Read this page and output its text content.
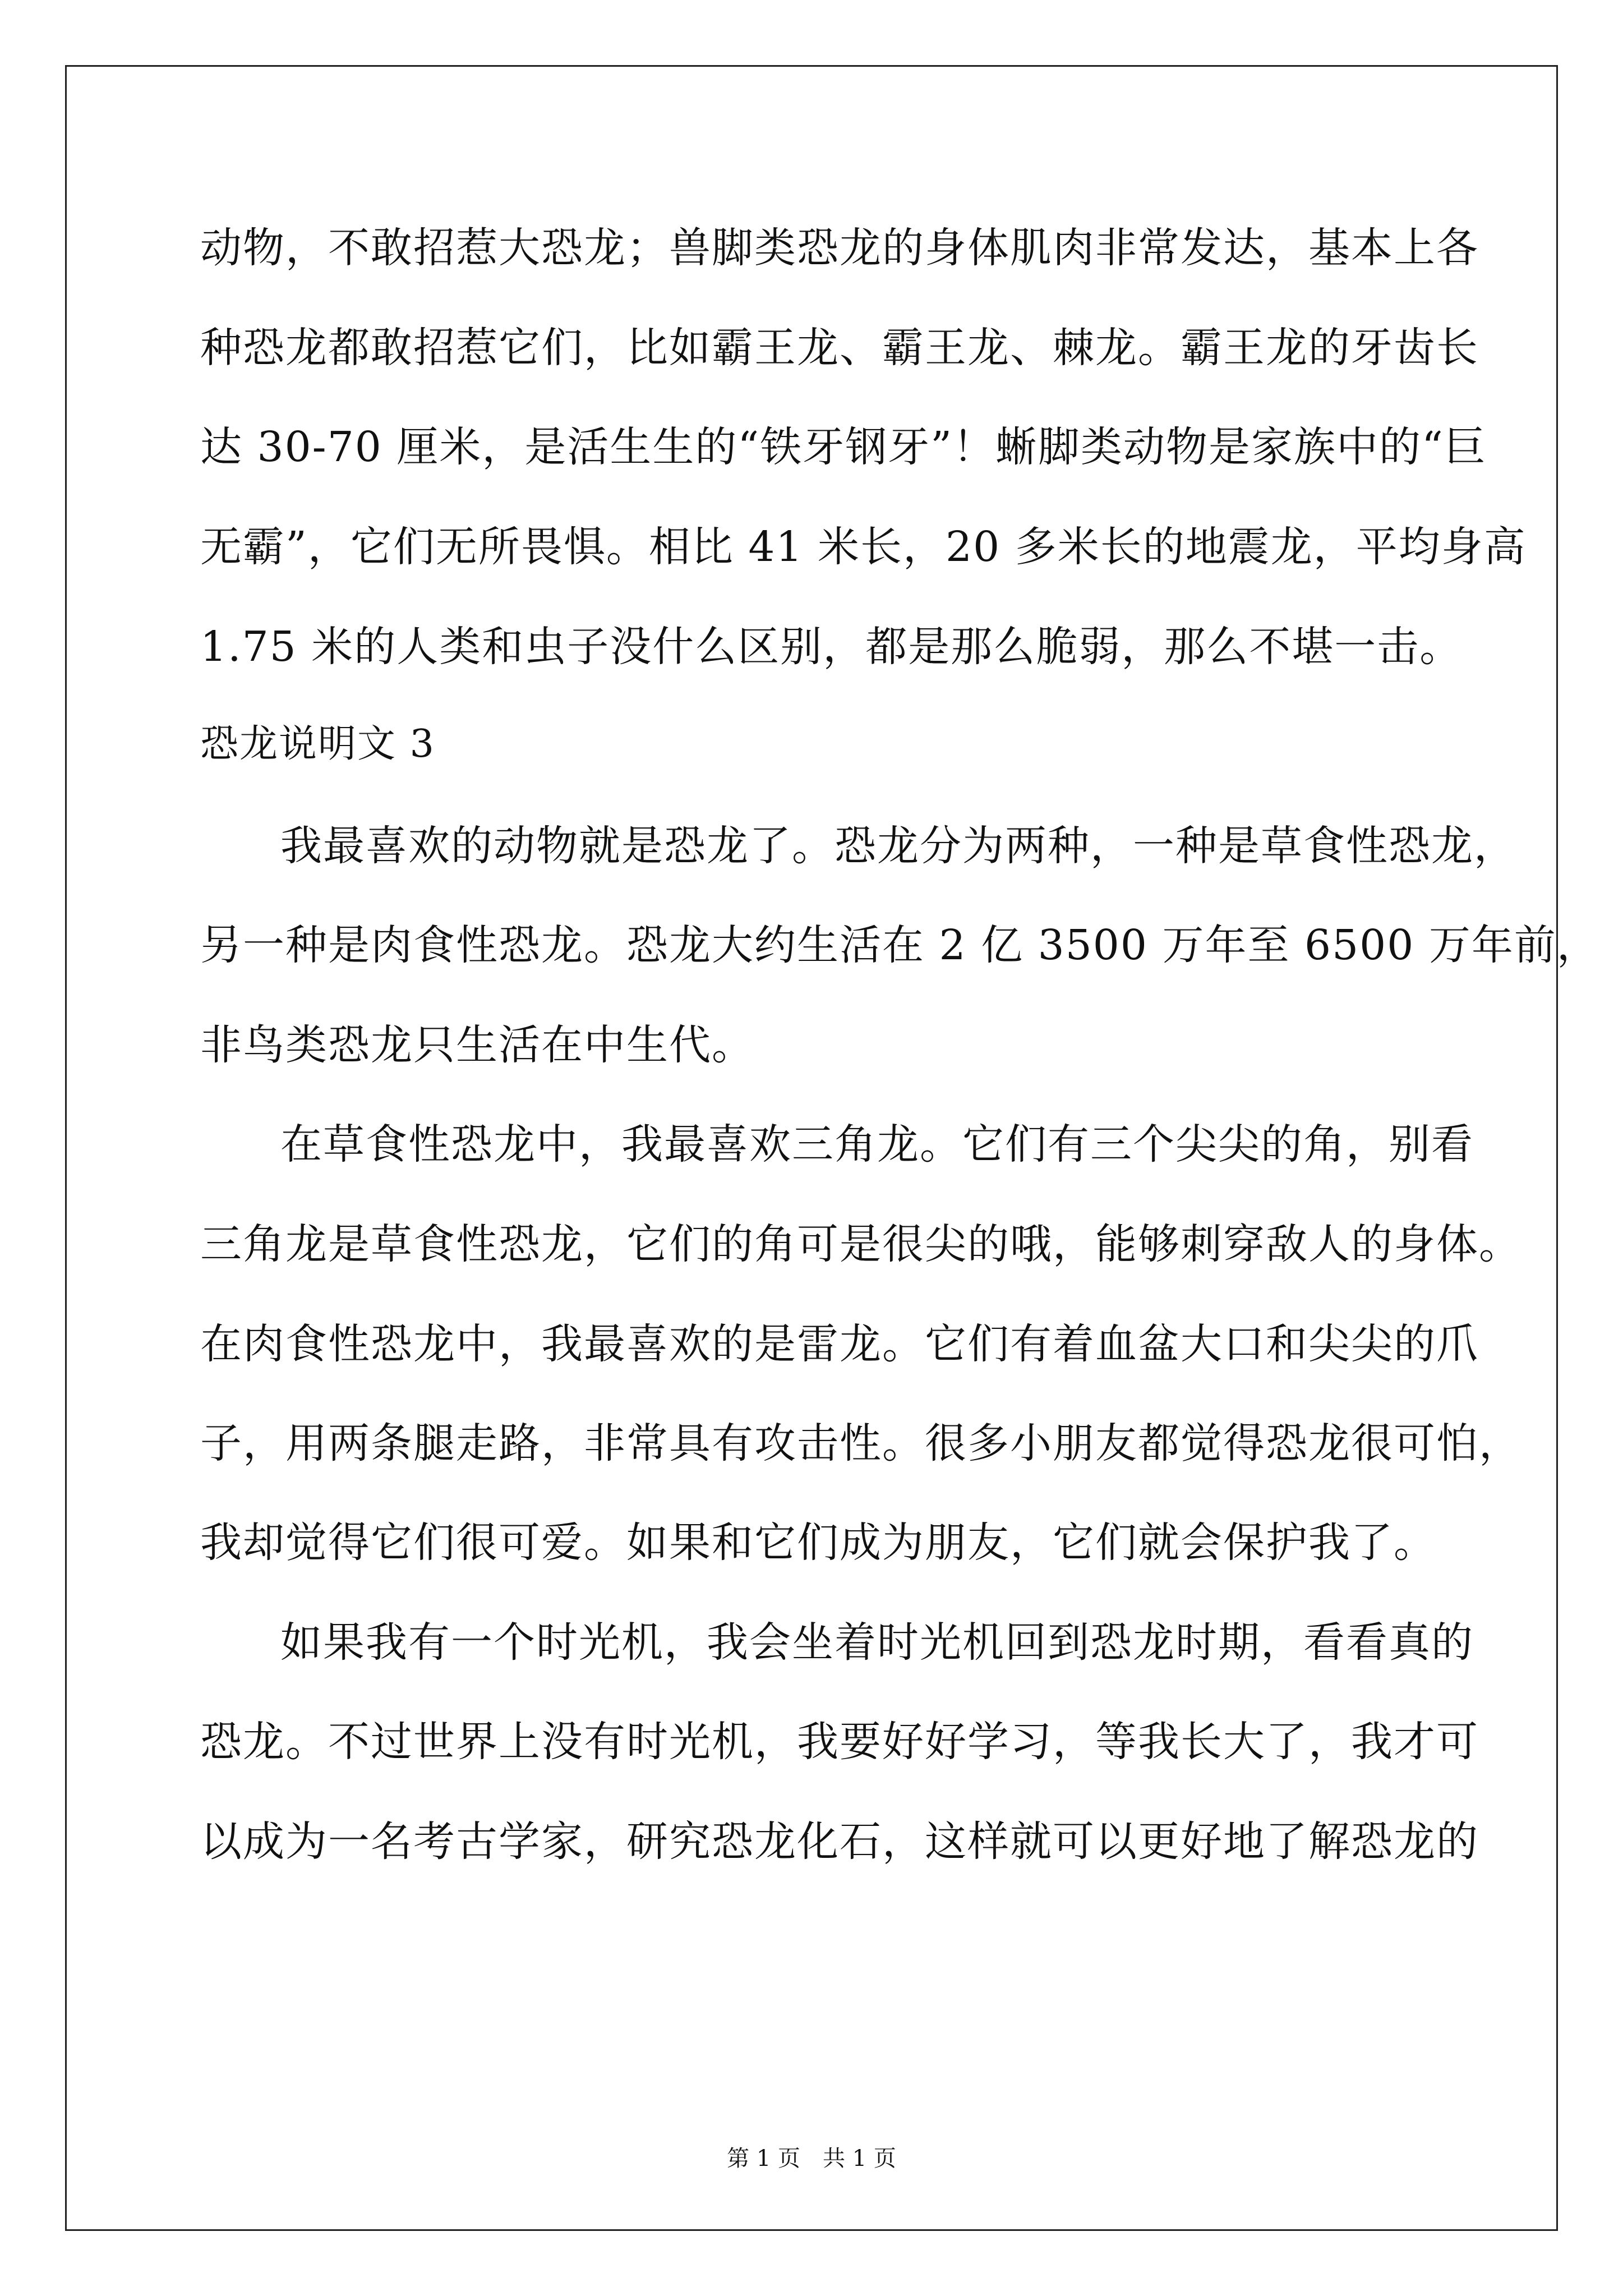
动物，不敢招惹大恐龙；兽脚类恐龙的身体肌肉非常发达，基本上各

种恐龙都敢招惹它们，比如霸王龙、霸王龙、棘龙。霸王龙的牙齿长

达 30-70 厘米，是活生生的“铁牙钢牙”！蜥脚类动物是家族中的“巨

无霸”，它们无所畏惧。相比 41 米长，20 多米长的地震龙，平均身高

1.75 米的人类和虫子没什么区别，都是那么脆弱，那么不堪一击。

恐龙说明文 3

我最喜欢的动物就是恐龙了。恐龙分为两种，一种是草食性恐龙，

另一种是肉食性恐龙。恐龙大约生活在 2 亿 3500 万年至 6500 万年前，

非鸟类恐龙只生活在中生代。

在草食性恐龙中，我最喜欢三角龙。它们有三个尖尖的角，别看

三角龙是草食性恐龙，它们的角可是很尖的哦，能够刺穿敌人的身体。

在肉食性恐龙中，我最喜欢的是雷龙。它们有着血盆大口和尖尖的爪

子，用两条腿走路，非常具有攻击性。很多小朋友都觉得恐龙很可怕，

我却觉得它们很可爱。如果和它们成为朋友，它们就会保护我了。

如果我有一个时光机，我会坐着时光机回到恐龙时期，看看真的

恐龙。不过世界上没有时光机，我要好好学习，等我长大了，我才可

以成为一名考古学家，研究恐龙化石，这样就可以更好地了解恐龙的

第 1 页　共 1 页
